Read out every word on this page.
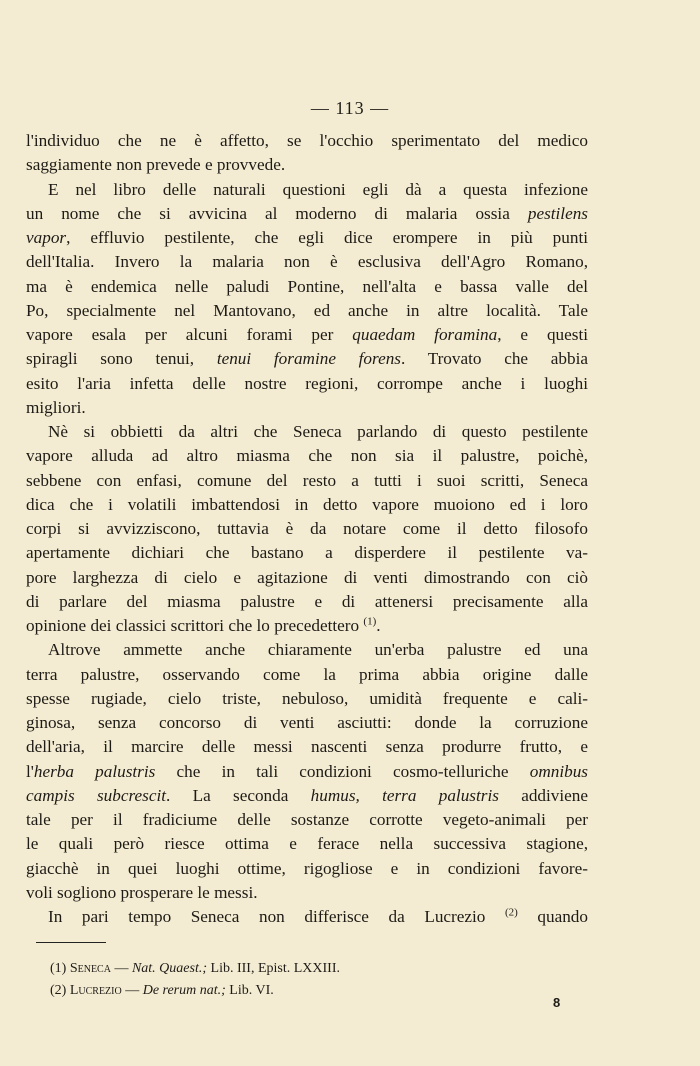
— 113 —
l'individuo che ne è affetto, se l'occhio sperimentato del medico
saggiamente non prevede e provvede.
E nel libro delle naturali questioni egli dà a questa infezione
un nome che si avvicina al moderno di malaria ossia pestilens
vapor, effluvio pestilente, che egli dice erompere in più punti
dell'Italia. Invero la malaria non è esclusiva dell'Agro Romano,
ma è endemica nelle paludi Pontine, nell'alta e bassa valle del
Po, specialmente nel Mantovano, ed anche in altre località. Tale
vapore esala per alcuni forami per quaedam foramina, e questi
spiragli sono tenui, tenui foramine forens. Trovato che abbia
esito l'aria infetta delle nostre regioni, corrompe anche i luoghi
migliori.
Nè si obbietti da altri che Seneca parlando di questo pestilente
vapore alluda ad altro miasma che non sia il palustre, poichè,
sebbene con enfasi, comune del resto a tutti i suoi scritti, Seneca
dica che i volatili imbattendosi in detto vapore muoiono ed i loro
corpi si avvizziscono, tuttavia è da notare come il detto filosofo
apertamente dichiari che bastano a disperdere il pestilente va-
pore larghezza di cielo e agitazione di venti dimostrando con ciò
di parlare del miasma palustre e di attenersi precisamente alla
opinione dei classici scrittori che lo precedettero $^{(1)}$.
Altrove ammette anche chiaramente un'erba palustre ed una
terra palustre, osservando come la prima abbia origine dalle
spesse rugiade, cielo triste, nebuloso, umidità frequente e cali-
ginosa, senza concorso di venti asciutti: donde la corruzione
dell'aria, il marcire delle messi nascenti senza produrre frutto, e
l'herba palustris che in tali condizioni cosmo-telluriche omnibus
campis subcrescit. La seconda humus, terra palustris addiviene
tale per il fradiciume delle sostanze corrotte vegeto-animali per
le quali però riesce ottima e ferace nella successiva stagione,
giacchè in quei luoghi ottime, rigogliose e in condizioni favore-
voli sogliono prosperare le messi.
In pari tempo Seneca non differisce da Lucrezio $^{(2)}$ quando
(1) Seneca — Nat. Quaest.; Lib. III, Epist. LXXIII.
(2) Lucrezio — De rerum nat.; Lib. VI.
8
